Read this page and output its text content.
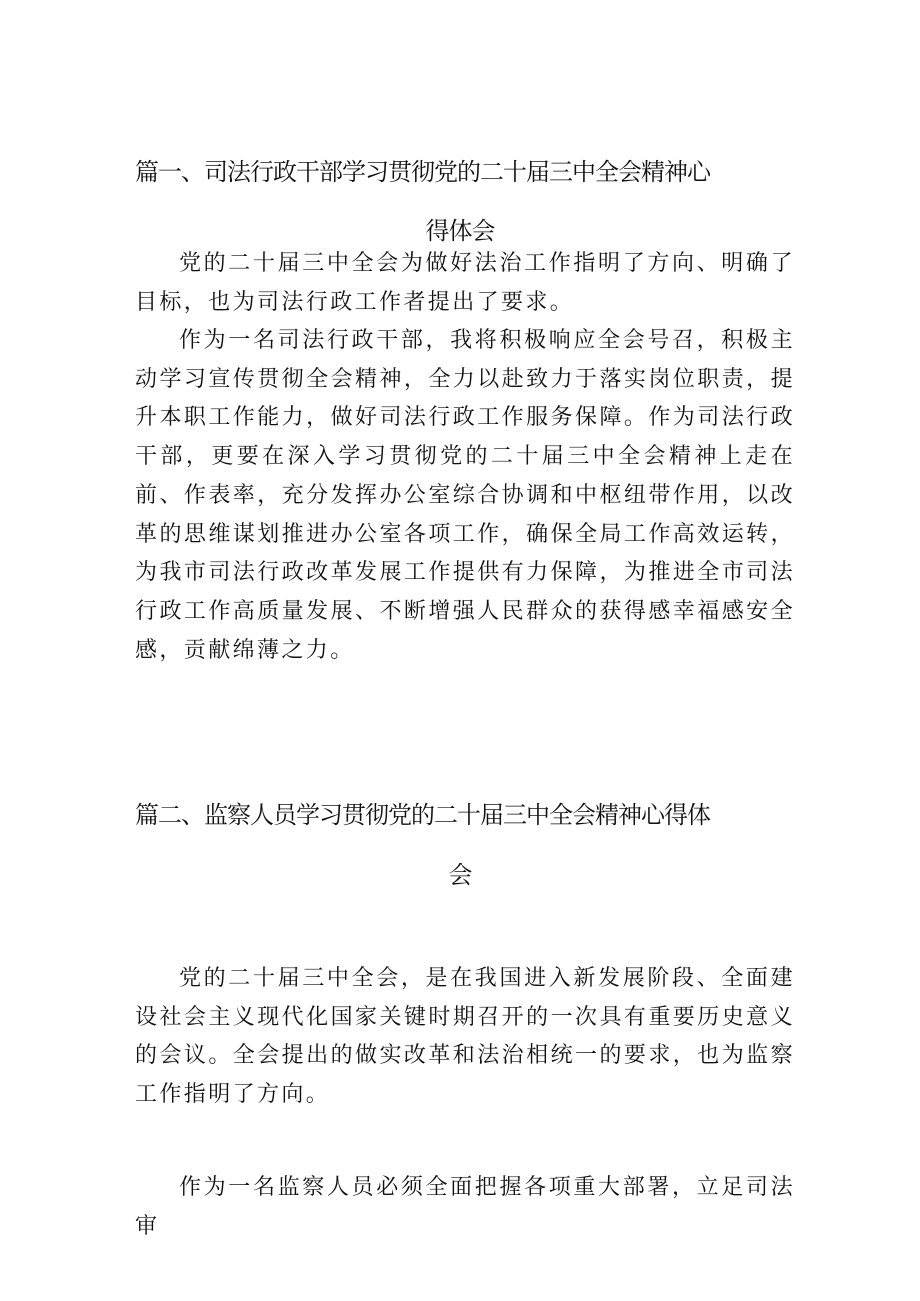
篇一、司法行政干部学习贯彻党的二十届三中全会精神心
得体会

党的二十届三中全会为做好法治工作指明了方向、明确了目标，也为司法行政工作者提出了要求。

作为一名司法行政干部，我将积极响应全会号召，积极主动学习宣传贯彻全会精神，全力以赴致力于落实岗位职责，提升本职工作能力，做好司法行政工作服务保障。作为司法行政干部，更要在深入学习贯彻党的二十届三中全会精神上走在前、作表率，充分发挥办公室综合协调和中枢纽带作用，以改革的思维谋划推进办公室各项工作，确保全局工作高效运转，为我市司法行政改革发展工作提供有力保障，为推进全市司法行政工作高质量发展、不断增强人民群众的获得感幸福感安全感，贡献绵薄之力。

篇二、监察人员学习贯彻党的二十届三中全会精神心得体
会

党的二十届三中全会，是在我国进入新发展阶段、全面建设社会主义现代化国家关键时期召开的一次具有重要历史意义的会议。全会提出的做实改革和法治相统一的要求，也为监察工作指明了方向。

作为一名监察人员必须全面把握各项重大部署，立足司法审
